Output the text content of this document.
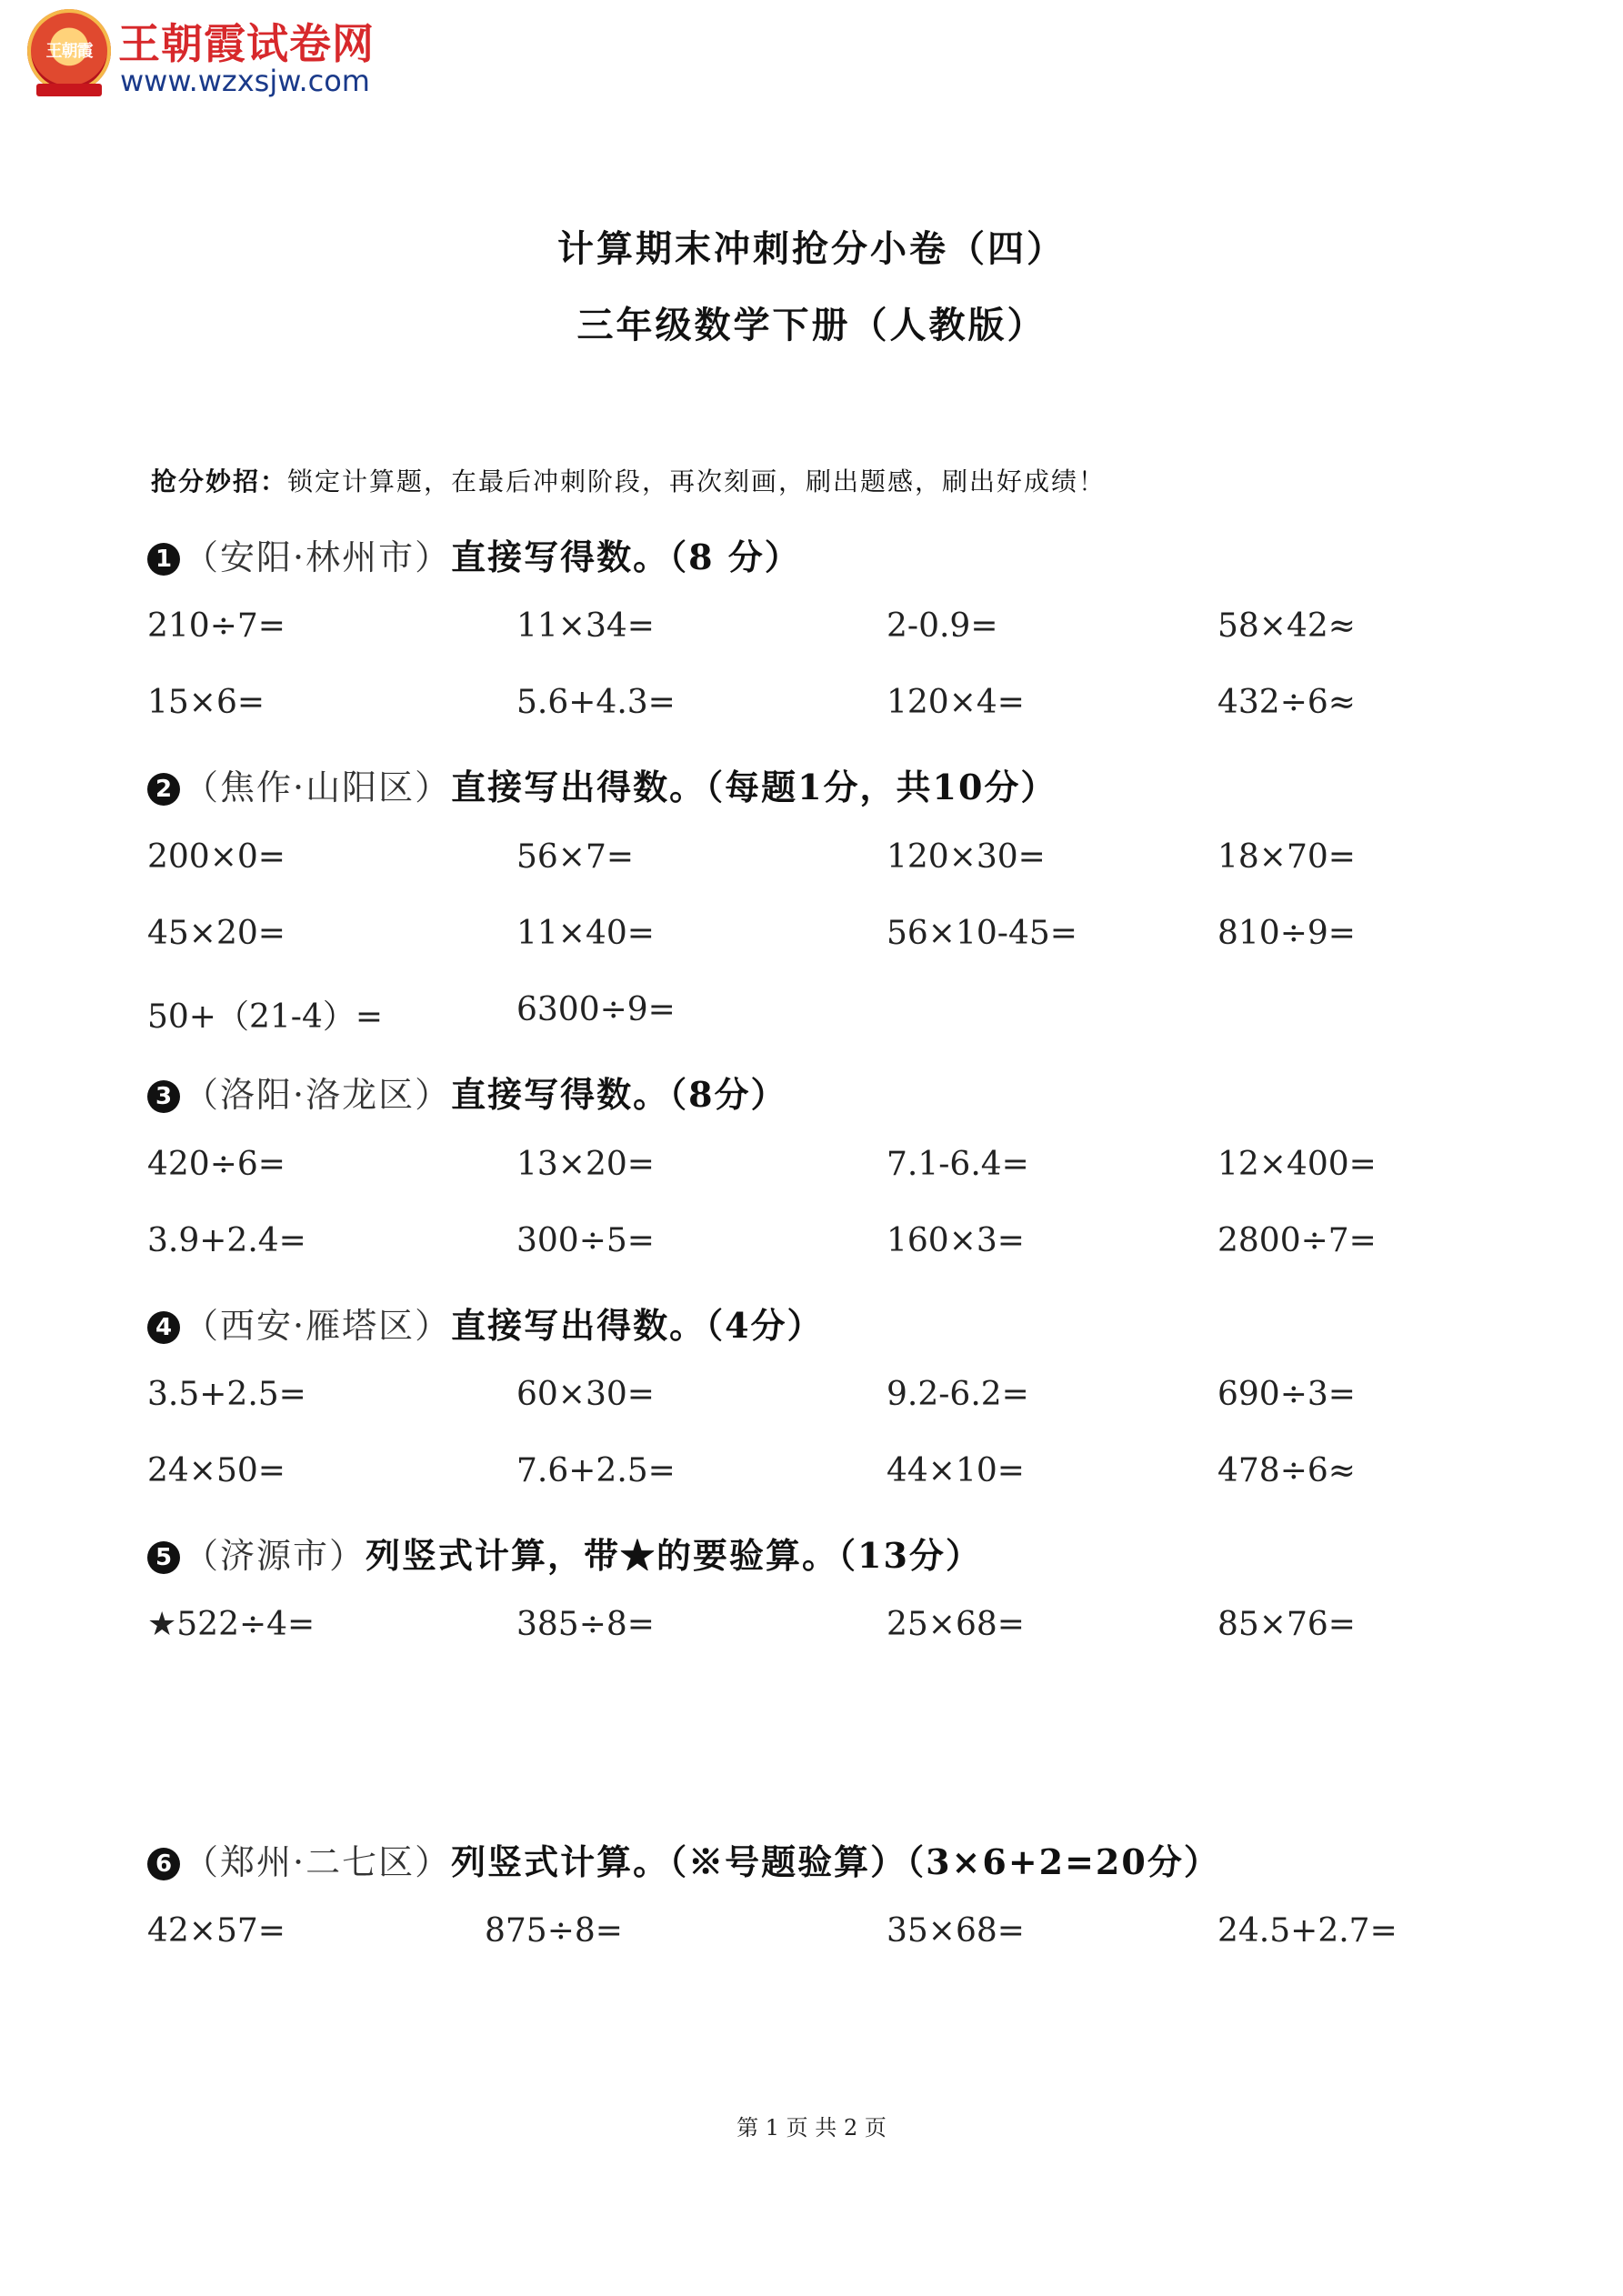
王朝霞 王朝霞试卷网
www.wzxsjw.com
计算期末冲刺抢分小卷（四）
三年级数学下册（人教版）
抢分妙招：锁定计算题，在最后冲刺阶段，再次刻画，刷出题感，刷出好成绩！
1 （安阳·林州市）直接写得数。（8 分）
210÷7=	11×34=	2-0.9=	58×42≈
15×6=	5.6+4.3=	120×4=	432÷6≈
2 （焦作·山阳区）直接写出得数。（每题1分，共10分）
200×0=	56×7=	120×30=	18×70=
45×20=	11×40=	56×10-45=	810÷9=
50+（21-4）=	6300÷9=
3 （洛阳·洛龙区）直接写得数。（8分）
420÷6=	13×20=	7.1-6.4=	12×400=
3.9+2.4=	300÷5=	160×3=	2800÷7=
4 （西安·雁塔区）直接写出得数。（4分）
3.5+2.5=	60×30=	9.2-6.2=	690÷3=
24×50=	7.6+2.5=	44×10=	478÷6≈
5 （济源市）列竖式计算，带★的要验算。（13分）
★522÷4=	385÷8=	25×68=	85×76=
6 （郑州·二七区）列竖式计算。（※号题验算）（3×6+2=20分）
42×57=	875÷8=	35×68=	24.5+2.7=
第 1 页 共 2 页
